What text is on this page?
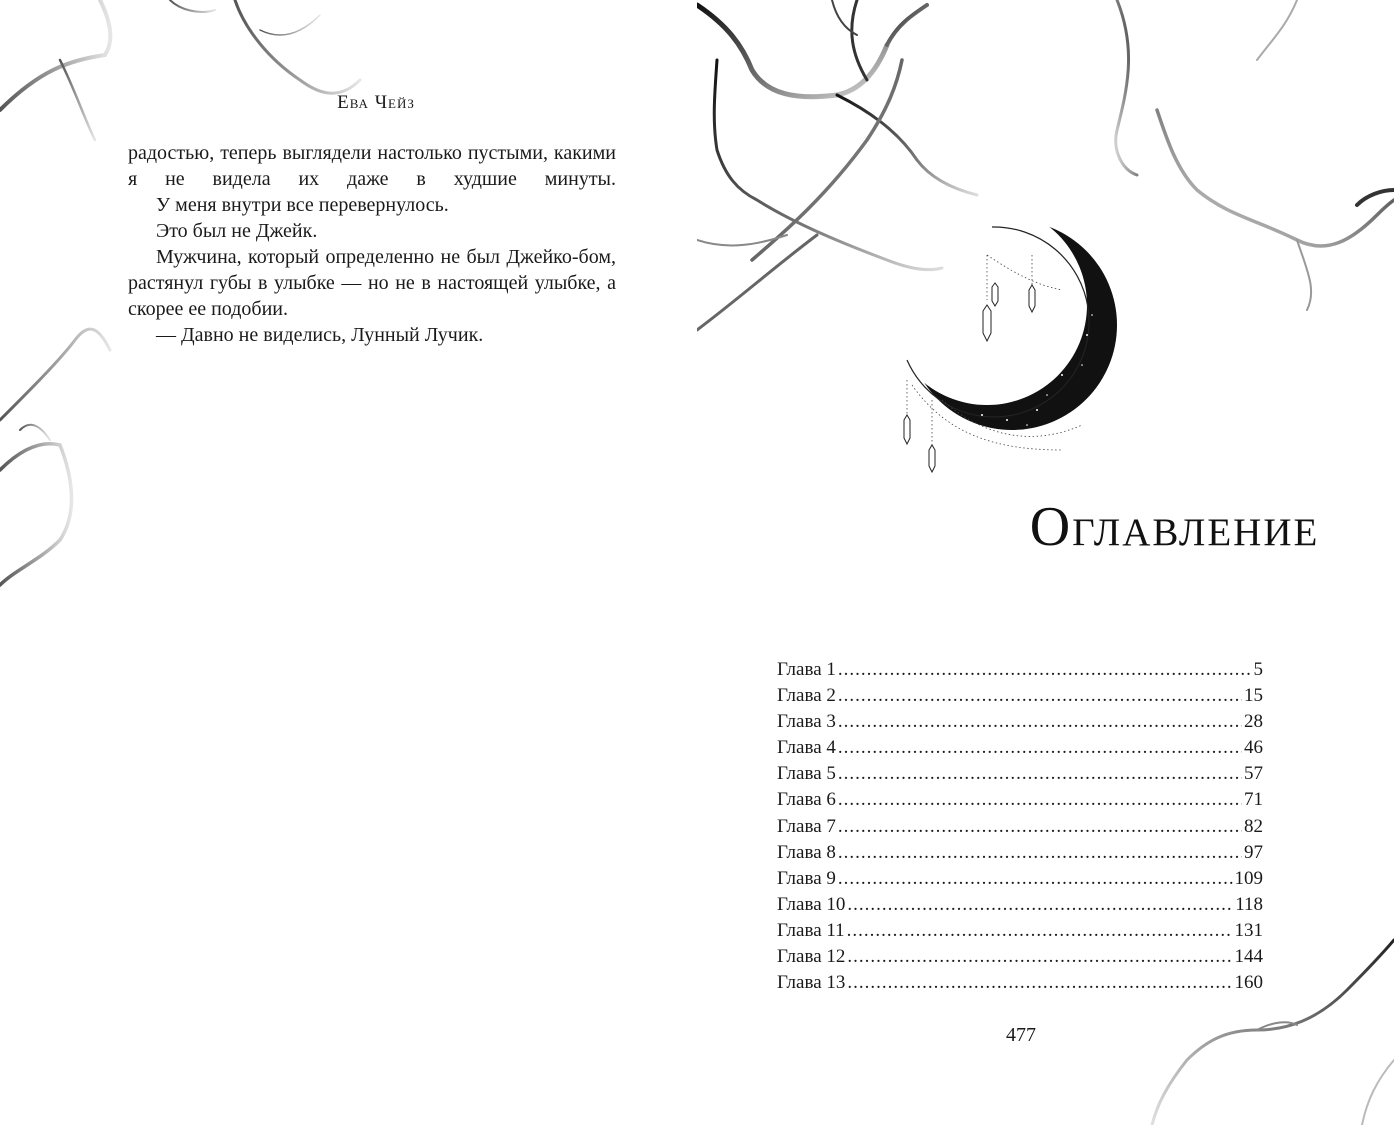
Ева Чейз

радостью, теперь выглядели настолько пустыми, какими я не видела их даже в худшие минуты.

У меня внутри все перевернулось.

Это был не Джейк.

Мужчина, который определенно не был Джейко-бом, растянул губы в улыбке — но не в настоящей улыбке, а скорее ее подобии.

— Давно не виделись, Лунный Лучик.

Оглавление
Глава 1 .....	5
Глава 2 .....	15
Глава 3 .....	28
Глава 4 .....	46
Глава 5 .....	57
Глава 6 .....	71
Глава 7 .....	82
Глава 8 .....	97
Глава 9 .....	109
Глава 10 .....	118
Глава 11 .....	131
Глава 12 .....	144
Глава 13 .....	160
477
